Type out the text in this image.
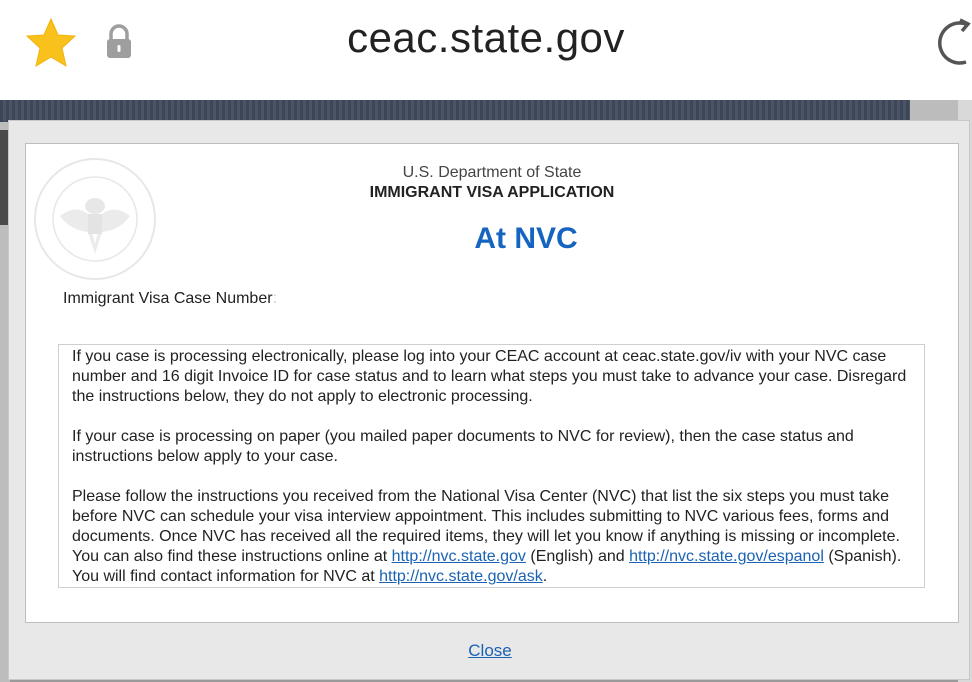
ceac.state.gov
U.S. Department of State
IMMIGRANT VISA APPLICATION
At NVC
Immigrant Visa Case Number:

If you case is processing electronically, please log into your CEAC account at ceac.state.gov/iv with your NVC case number and 16 digit Invoice ID for case status and to learn what steps you must take to advance your case. Disregard the instructions below, they do not apply to electronic processing.

If your case is processing on paper (you mailed paper documents to NVC for review), then the case status and instructions below apply to your case.

Please follow the instructions you received from the National Visa Center (NVC) that list the six steps you must take before NVC can schedule your visa interview appointment. This includes submitting to NVC various fees, forms and documents. Once NVC has received all the required items, they will let you know if anything is missing or incomplete. You can also find these instructions online at http://nvc.state.gov (English) and http://nvc.state.gov/espanol (Spanish). You will find contact information for NVC at http://nvc.state.gov/ask.

Close
